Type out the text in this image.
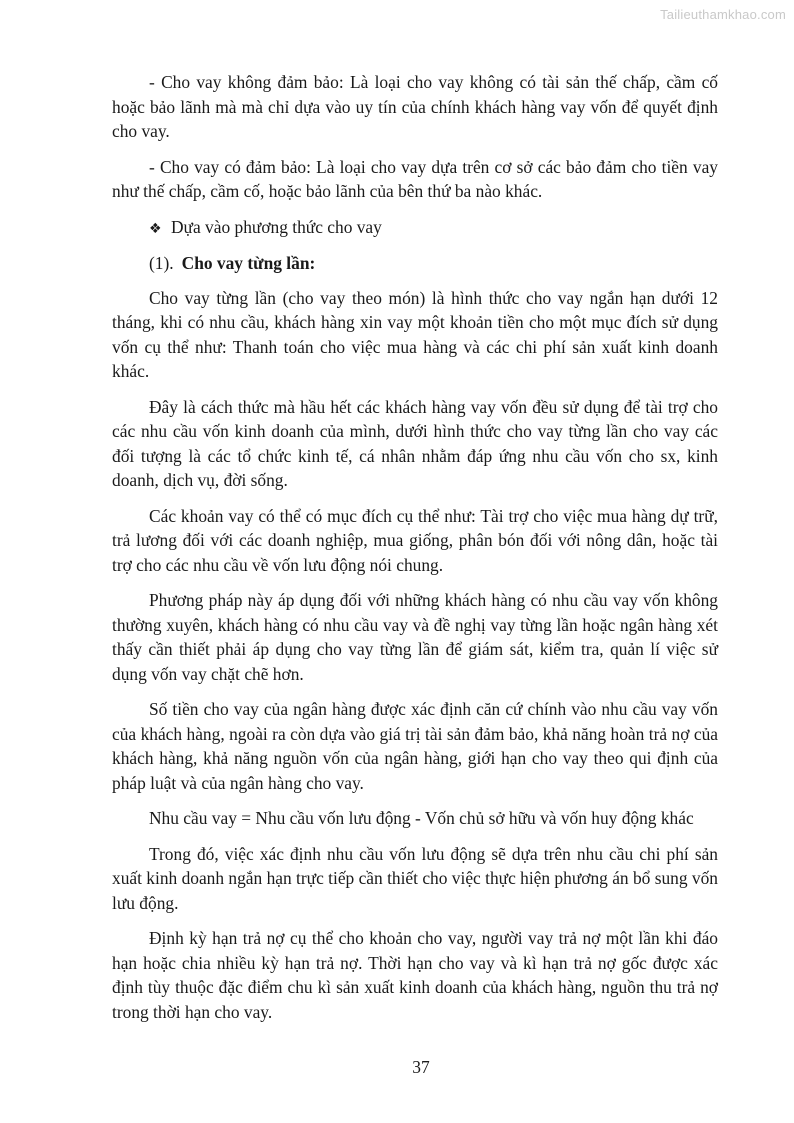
Tailieuthamkhao.com

- Cho vay không đảm bảo: Là loại cho vay không có tài sản thế chấp, cầm cố hoặc bảo lãnh mà mà chỉ dựa vào uy tín của chính khách hàng vay vốn để quyết định cho vay.

- Cho vay có đảm bảo: Là loại cho vay dựa trên cơ sở các bảo đảm cho tiền vay như thế chấp, cầm cố, hoặc bảo lãnh của bên thứ ba nào khác.

❖ Dựa vào phương thức cho vay
(1). Cho vay từng lần:

Cho vay từng lần (cho vay theo món) là hình thức cho vay ngắn hạn dưới 12 tháng, khi có nhu cầu, khách hàng xin vay một khoản tiền cho một mục đích sử dụng vốn cụ thể như: Thanh toán cho việc mua hàng và các chi phí sản xuất kinh doanh khác.

Đây là cách thức mà hầu hết các khách hàng vay vốn đều sử dụng để tài trợ cho các nhu cầu vốn kinh doanh của mình, dưới hình thức cho vay từng lần cho vay các đối tượng là các tổ chức kinh tế, cá nhân nhằm đáp ứng nhu cầu vốn cho sx, kinh doanh, dịch vụ, đời sống.

Các khoản vay có thể có mục đích cụ thể như: Tài trợ cho việc mua hàng dự trữ, trả lương đối với các doanh nghiệp, mua giống, phân bón đối với nông dân, hoặc tài trợ cho các nhu cầu về vốn lưu động nói chung.

Phương pháp này áp dụng đối với những khách hàng có nhu cầu vay vốn không thường xuyên, khách hàng có nhu cầu vay và đề nghị vay từng lần hoặc ngân hàng xét thấy cần thiết phải áp dụng cho vay từng lần để giám sát, kiểm tra, quản lí việc sử dụng vốn vay chặt chẽ hơn.

Số tiền cho vay của ngân hàng được xác định căn cứ chính vào nhu cầu vay vốn của khách hàng, ngoài ra còn dựa vào giá trị tài sản đảm bảo, khả năng hoàn trả nợ của khách hàng, khả năng nguồn vốn của ngân hàng, giới hạn cho vay theo qui định của pháp luật và của ngân hàng cho vay.

Nhu cầu vay = Nhu cầu vốn lưu động - Vốn chủ sở hữu và vốn huy động khác

Trong đó, việc xác định nhu cầu vốn lưu động sẽ dựa trên nhu cầu chi phí sản xuất kinh doanh ngắn hạn trực tiếp cần thiết cho việc thực hiện phương án bổ sung vốn lưu động.

Định kỳ hạn trả nợ cụ thể cho khoản cho vay, người vay trả nợ một lần khi đáo hạn hoặc chia nhiều kỳ hạn trả nợ. Thời hạn cho vay và kì hạn trả nợ gốc được xác định tùy thuộc đặc điểm chu kì sản xuất kinh doanh của khách hàng, nguồn thu trả nợ trong thời hạn cho vay.

37
